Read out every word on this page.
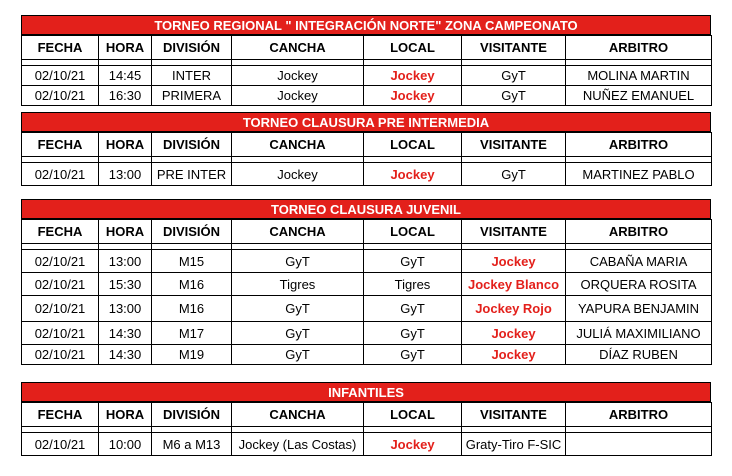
TORNEO REGIONAL " INTEGRACIÓN NORTE" ZONA CAMPEONATO
FECHA	HORA	DIVISIÓN	CANCHA	LOCAL	VISITANTE	ARBITRO

02/10/21	14:45	INTER	Jockey	Jockey	GyT	MOLINA MARTIN
02/10/21	16:30	PRIMERA	Jockey	Jockey	GyT	NUÑEZ EMANUEL
TORNEO CLAUSURA PRE INTERMEDIA
FECHA	HORA	DIVISIÓN	CANCHA	LOCAL	VISITANTE	ARBITRO

02/10/21	13:00	PRE INTER	Jockey	Jockey	GyT	MARTINEZ PABLO
TORNEO CLAUSURA JUVENIL
FECHA	HORA	DIVISIÓN	CANCHA	LOCAL	VISITANTE	ARBITRO

02/10/21	13:00	M15	GyT	GyT	Jockey	CABAÑA MARIA
02/10/21	15:30	M16	Tigres	Tigres	Jockey Blanco	ORQUERA ROSITA
02/10/21	13:00	M16	GyT	GyT	Jockey Rojo	YAPURA BENJAMIN
02/10/21	14:30	M17	GyT	GyT	Jockey	JULIÁ MAXIMILIANO
02/10/21	14:30	M19	GyT	GyT	Jockey	DÍAZ RUBEN
INFANTILES
FECHA	HORA	DIVISIÓN	CANCHA	LOCAL	VISITANTE	ARBITRO

02/10/21	10:00	M6 a M13	Jockey (Las Costas)	Jockey	Graty-Tiro F-SIC	
